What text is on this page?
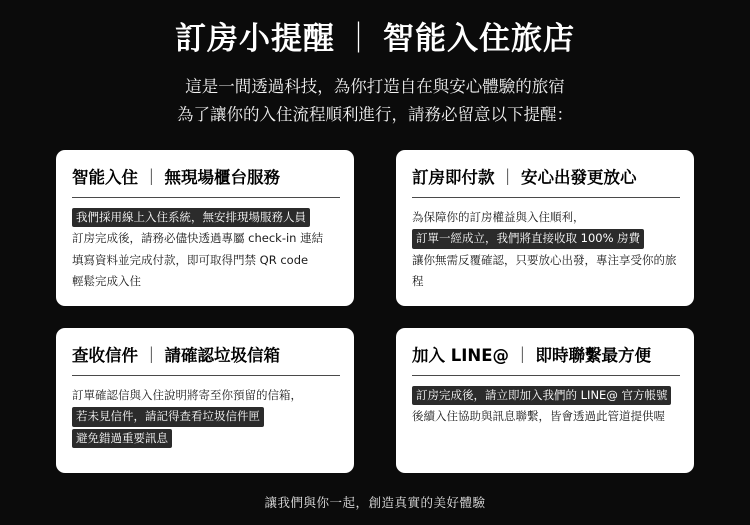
訂房小提醒 ｜ 智能入住旅店
這是一間透過科技，為你打造自在與安心體驗的旅宿
為了讓你的入住流程順利進行，請務必留意以下提醒：
智能入住 ｜ 無現場櫃台服務
我們採用線上入住系統，無安排現場服務人員
訂房完成後，請務必儘快透過專屬 check-in 連結
填寫資料並完成付款，即可取得門禁 QR code
輕鬆完成入住
訂房即付款 ｜ 安心出發更放心
為保障你的訂房權益與入住順利，
訂單一經成立，我們將直接收取 100% 房費
讓你無需反覆確認，只要放心出發，專注享受你的旅程
查收信件 ｜ 請確認垃圾信箱
訂單確認信與入住說明將寄至你預留的信箱，
若未見信件，請記得查看垃圾信件匣
避免錯過重要訊息
加入 LINE@ ｜ 即時聯繫最方便
訂房完成後，請立即加入我們的 LINE@ 官方帳號
後續入住協助與訊息聯繫，皆會透過此管道提供喔
讓我們與你一起，創造真實的美好體驗
